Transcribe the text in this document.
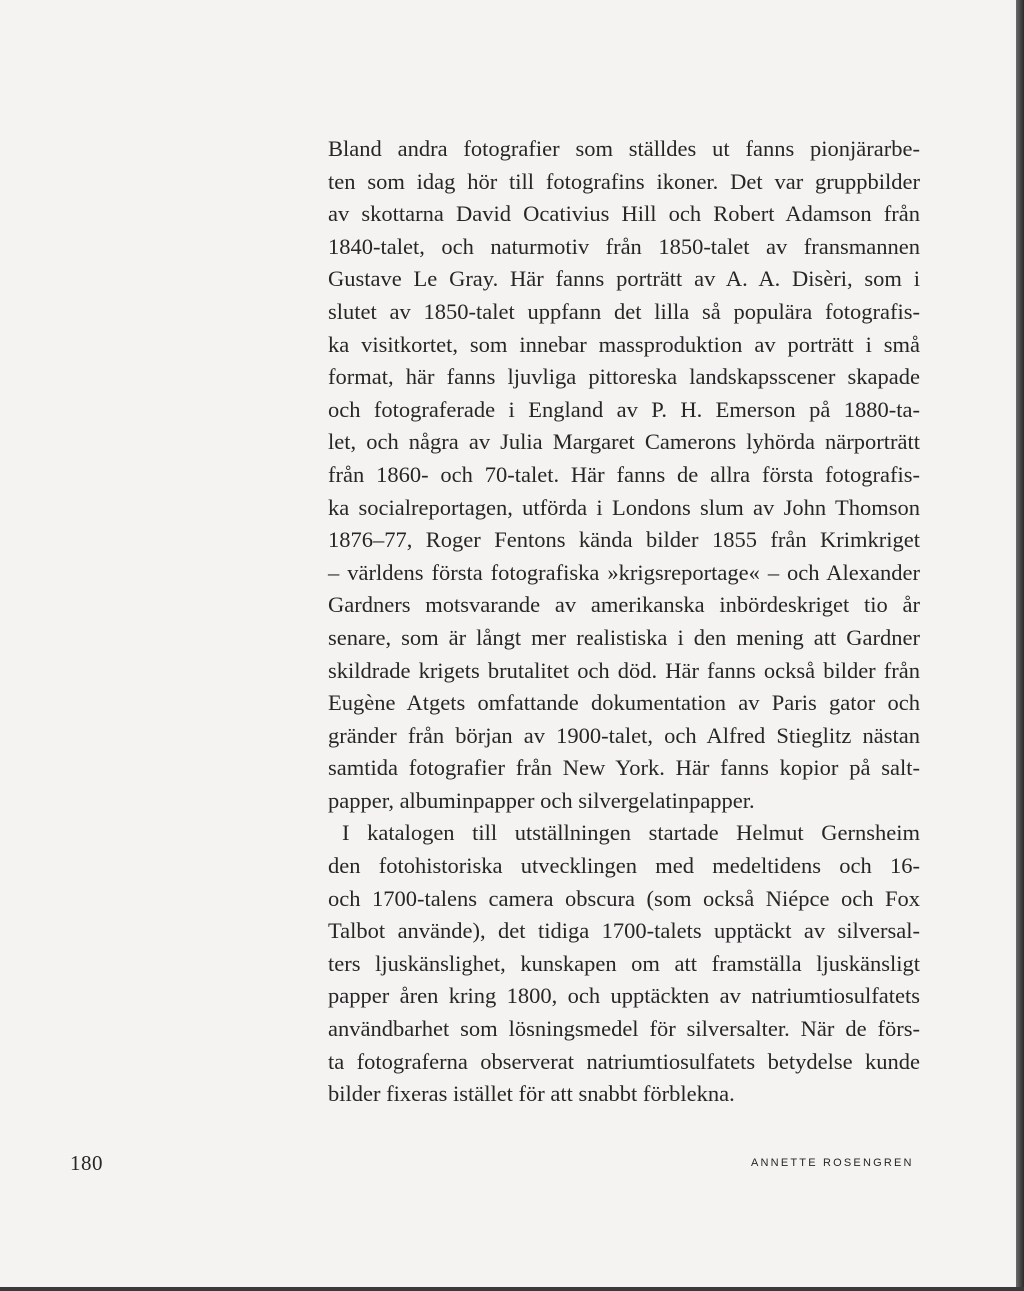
Bland andra fotografier som ställdes ut fanns pionjärarbe-
ten som idag hör till fotografins ikoner. Det var gruppbilder
av skottarna David Ocativius Hill och Robert Adamson från
1840-talet, och naturmotiv från 1850-talet av fransmannen
Gustave Le Gray. Här fanns porträtt av A. A. Disèri, som i
slutet av 1850-talet uppfann det lilla så populära fotografis-
ka visitkortet, som innebar massproduktion av porträtt i små
format, här fanns ljuvliga pittoreska landskapsscener skapade
och fotograferade i England av P. H. Emerson på 1880-ta-
let, och några av Julia Margaret Camerons lyhörda närporträtt
från 1860- och 70-talet. Här fanns de allra första fotografis-
ka socialreportagen, utförda i Londons slum av John Thomson
1876–77, Roger Fentons kända bilder 1855 från Krimkriget
– världens första fotografiska »krigsreportage« – och Alexander
Gardners motsvarande av amerikanska inbördeskriget tio år
senare, som är långt mer realistiska i den mening att Gardner
skildrade krigets brutalitet och död. Här fanns också bilder från
Eugène Atgets omfattande dokumentation av Paris gator och
gränder från början av 1900-talet, och Alfred Stieglitz nästan
samtida fotografier från New York. Här fanns kopior på salt-
papper, albuminpapper och silvergelatinpapper.
I katalogen till utställningen startade Helmut Gernsheim
den fotohistoriska utvecklingen med medeltidens och 16-
och 1700-talens camera obscura (som också Niépce och Fox
Talbot använde), det tidiga 1700-talets upptäckt av silversal-
ters ljuskänslighet, kunskapen om att framställa ljuskänsligt
papper åren kring 1800, och upptäckten av natriumtiosulfatets
användbarhet som lösningsmedel för silversalter. När de förs-
ta fotograferna observerat natriumtiosulfatets betydelse kunde
bilder fixeras istället för att snabbt förblekna.
180	ANNETTE ROSENGREN
